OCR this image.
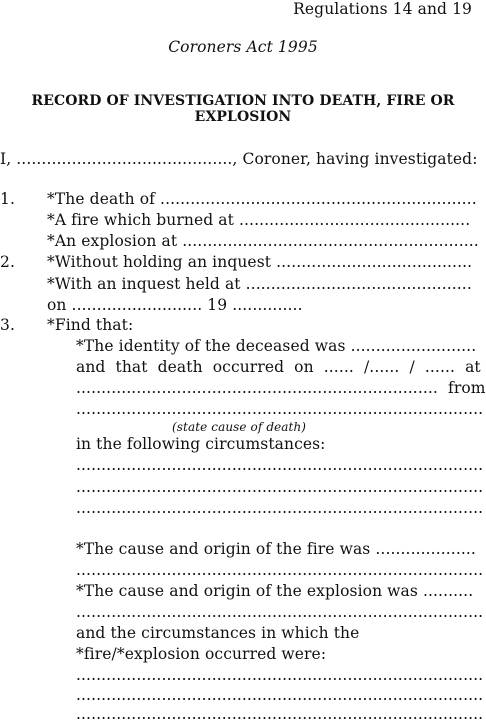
Regulations 14 and 19
Coroners Act 1995
RECORD OF INVESTIGATION INTO DEATH, FIRE OR
EXPLOSION
I, ..........................................., Coroner, having investigated:
1. *The death of ...............................................................
*A fire which burned at ..............................................
*An explosion at ...........................................................
2. *Without holding an inquest .......................................
*With an inquest held at .............................................
on .......................... 19 ..............
3. *Find that:
*The identity of the deceased was .........................
and  that  death  occurred  on  ......  /......  /  ......  at
........................................................................  from
.................................................................................
(state cause of death)
in the following circumstances:
.................................................................................
.................................................................................
.................................................................................
*The cause and origin of the fire was ....................
.................................................................................
*The cause and origin of the explosion was ..........
.................................................................................
and the circumstances in which the
*fire/*explosion occurred were:
.................................................................................
.................................................................................
.................................................................................
